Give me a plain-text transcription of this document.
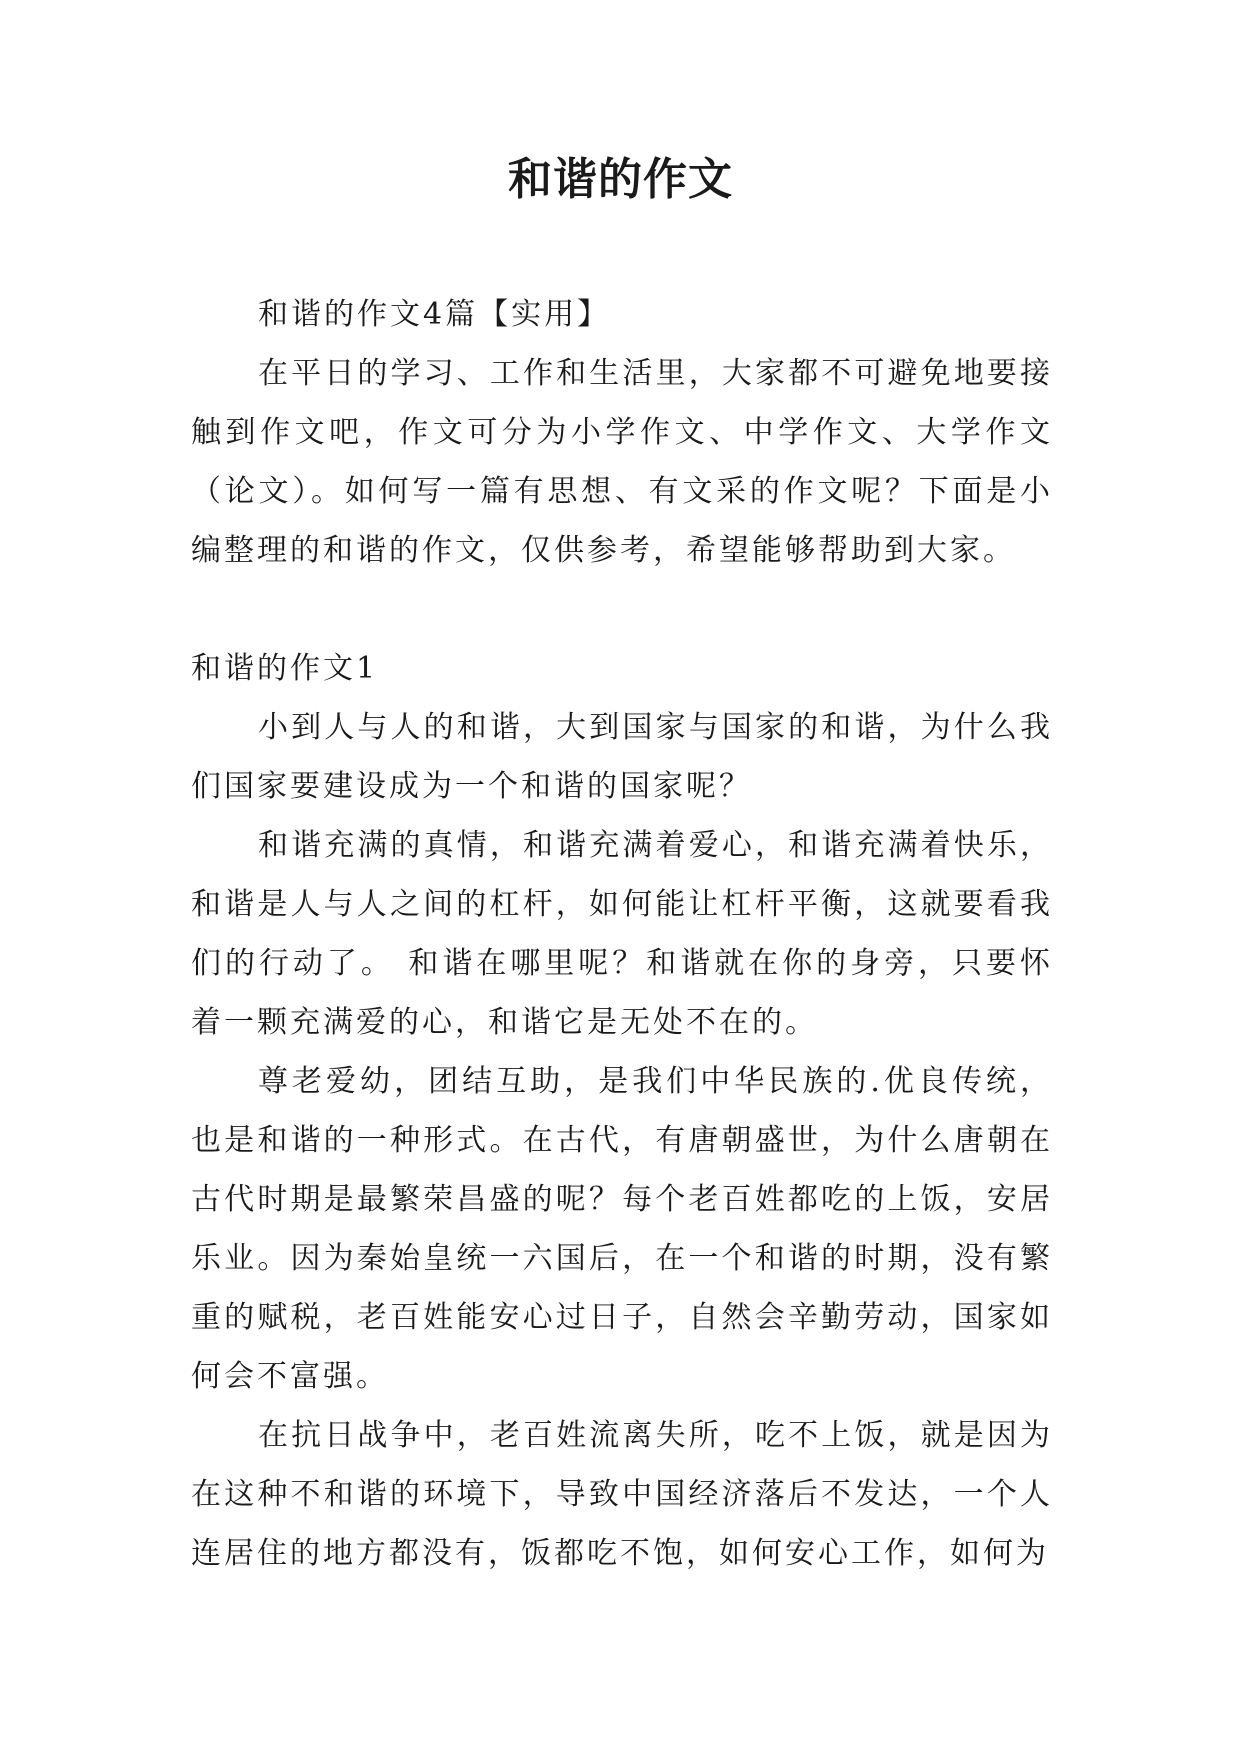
和谐的作文

和谐的作文4篇【实用】

在平日的学习、工作和生活里，大家都不可避免地要接触到作文吧，作文可分为小学作文、中学作文、大学作文（论文）。如何写一篇有思想、有文采的作文呢？下面是小编整理的和谐的作文，仅供参考，希望能够帮助到大家。

和谐的作文1

小到人与人的和谐，大到国家与国家的和谐，为什么我们国家要建设成为一个和谐的国家呢？

和谐充满的真情，和谐充满着爱心，和谐充满着快乐，和谐是人与人之间的杠杆，如何能让杠杆平衡，这就要看我们的行动了。 和谐在哪里呢？和谐就在你的身旁，只要怀着一颗充满爱的心，和谐它是无处不在的。

尊老爱幼，团结互助，是我们中华民族的.优良传统，也是和谐的一种形式。在古代，有唐朝盛世，为什么唐朝在古代时期是最繁荣昌盛的呢？每个老百姓都吃的上饭，安居乐业。因为秦始皇统一六国后，在一个和谐的时期，没有繁重的赋税，老百姓能安心过日子，自然会辛勤劳动，国家如何会不富强。

在抗日战争中，老百姓流离失所，吃不上饭，就是因为在这种不和谐的环境下，导致中国经济落后不发达，一个人连居住的地方都没有，饭都吃不饱，如何安心工作，如何为
